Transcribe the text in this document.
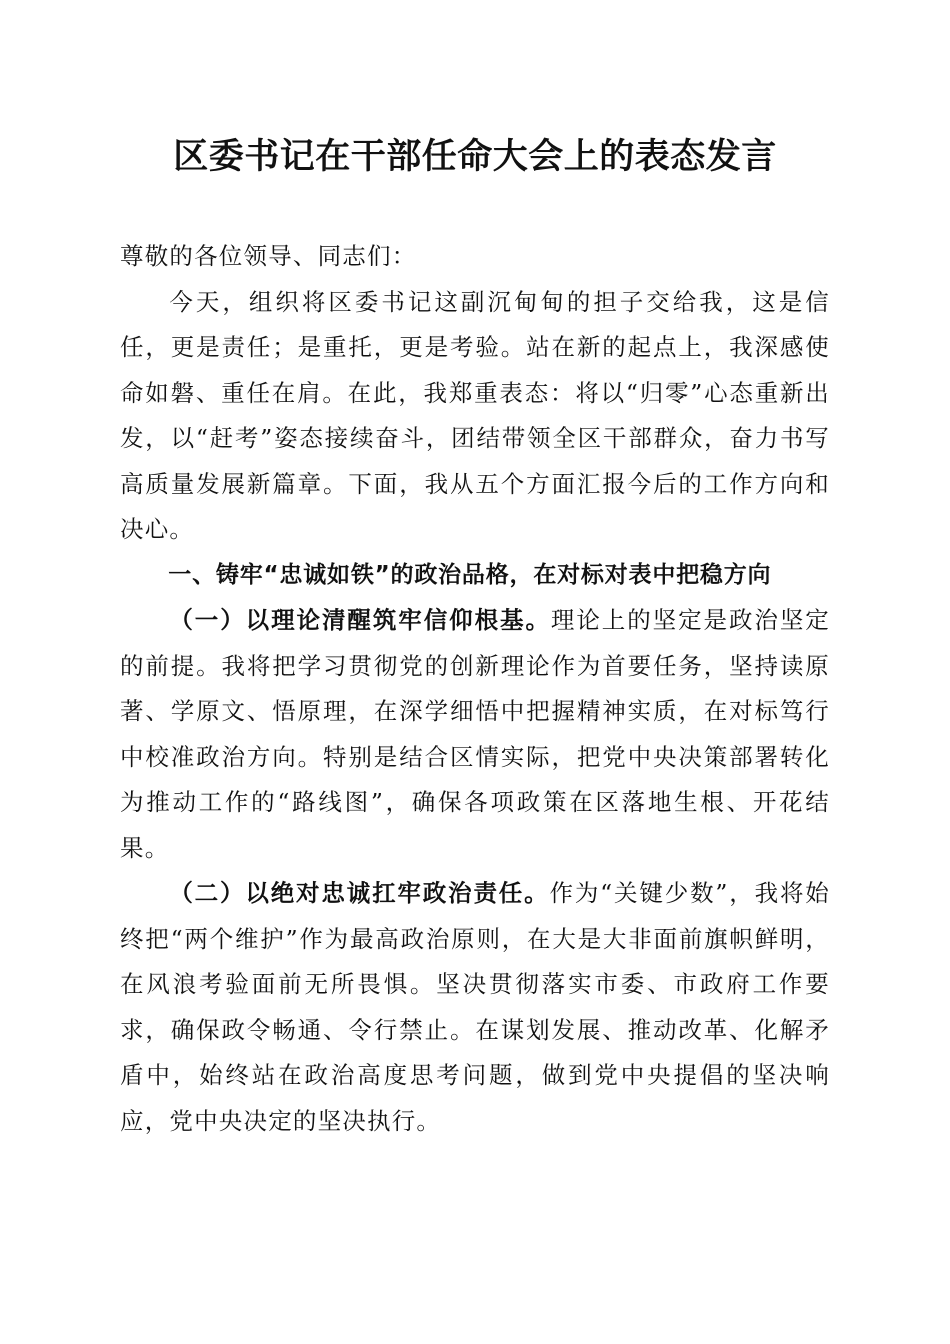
区委书记在干部任命大会上的表态发言

尊敬的各位领导、同志们：

今天，组织将区委书记这副沉甸甸的担子交给我，这是信任，更是责任；是重托，更是考验。站在新的起点上，我深感使命如磐、重任在肩。在此，我郑重表态：将以“归零”心态重新出发，以“赶考”姿态接续奋斗，团结带领全区干部群众，奋力书写高质量发展新篇章。下面，我从五个方面汇报今后的工作方向和决心。

一、铸牢“忠诚如铁”的政治品格，在对标对表中把稳方向

（一）以理论清醒筑牢信仰根基。理论上的坚定是政治坚定的前提。我将把学习贯彻党的创新理论作为首要任务，坚持读原著、学原文、悟原理，在深学细悟中把握精神实质，在对标笃行中校准政治方向。特别是结合区情实际，把党中央决策部署转化为推动工作的“路线图”，确保各项政策在区落地生根、开花结果。

（二）以绝对忠诚扛牢政治责任。作为“关键少数”，我将始终把“两个维护”作为最高政治原则，在大是大非面前旗帜鲜明，在风浪考验面前无所畏惧。坚决贯彻落实市委、市政府工作要求，确保政令畅通、令行禁止。在谋划发展、推动改革、化解矛盾中，始终站在政治高度思考问题，做到党中央提倡的坚决响应，党中央决定的坚决执行。
